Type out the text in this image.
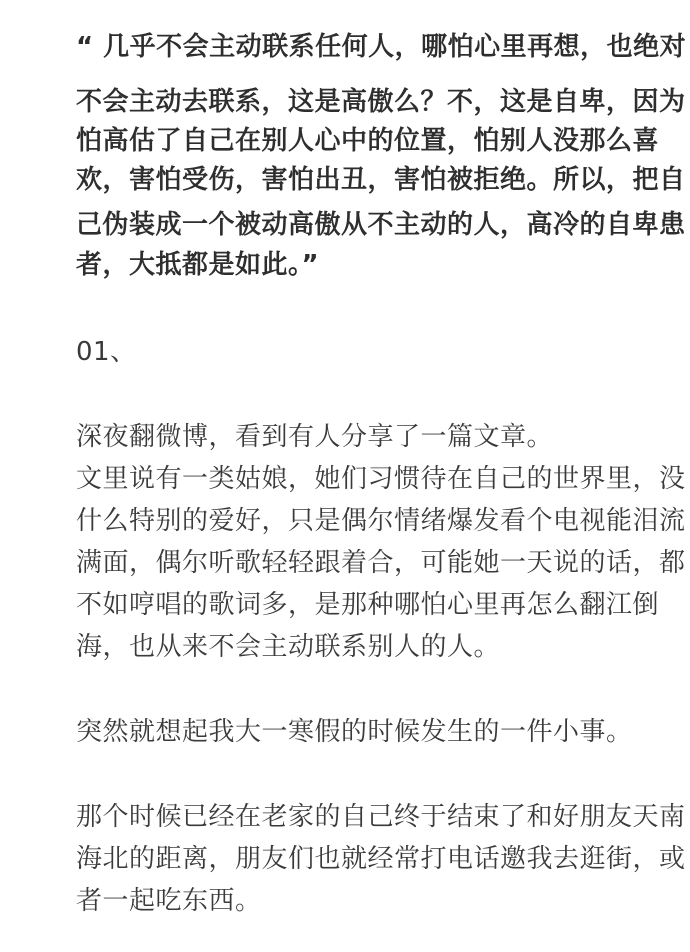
“ 几乎不会主动联系任何人，哪怕心里再想，也绝对
不会主动去联系，这是高傲么？不，这是自卑，因为
怕高估了自己在别人心中的位置，怕别人没那么喜
欢，害怕受伤，害怕出丑，害怕被拒绝。所以，把自
己伪装成一个被动高傲从不主动的人，高冷的自卑患
者，大抵都是如此。”
01、
深夜翻微博，看到有人分享了一篇文章。
文里说有一类姑娘，她们习惯待在自己的世界里，没
什么特别的爱好，只是偶尔情绪爆发看个电视能泪流
满面，偶尔听歌轻轻跟着合，可能她一天说的话，都
不如哼唱的歌词多，是那种哪怕心里再怎么翻江倒
海，也从来不会主动联系别人的人。
突然就想起我大一寒假的时候发生的一件小事。
那个时候已经在老家的自己终于结束了和好朋友天南
海北的距离，朋友们也就经常打电话邀我去逛街，或
者一起吃东西。
